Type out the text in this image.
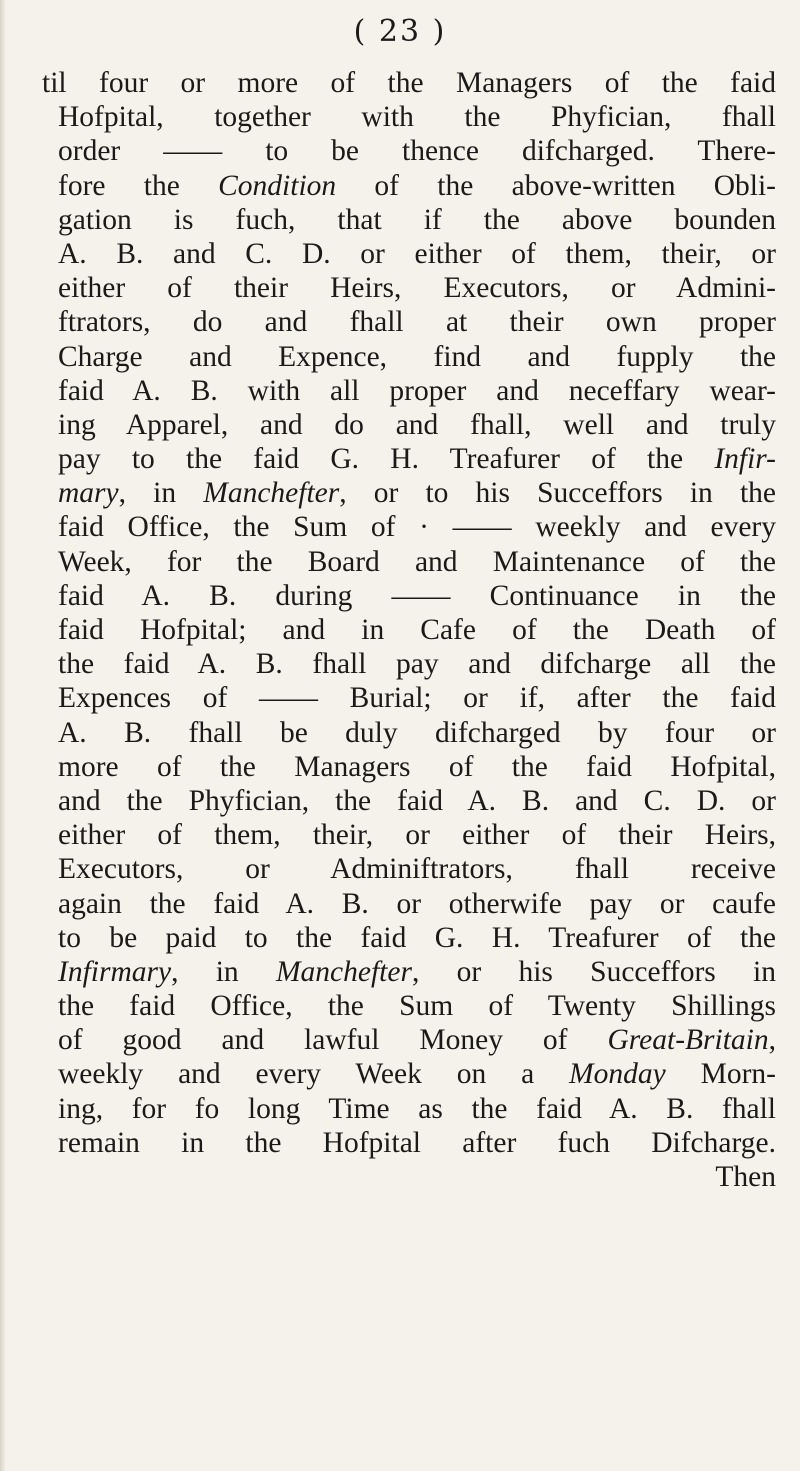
( 23 )
til four or more of the Managers of the faid
Hofpital, together with the Phyfician, fhall
order —— to be thence difcharged. There-
fore the Condition of the above-written Obli-
gation is fuch, that if the above bounden
A. B. and C. D. or either of them, their, or
either of their Heirs, Executors, or Admini-
ftrators, do and fhall at their own proper
Charge and Expence, find and fupply the
faid A. B. with all proper and neceffary wear-
ing Apparel, and do and fhall, well and truly
pay to the faid G. H. Treafurer of the Infir-
mary, in Manchefter, or to his Succeffors in the
faid Office, the Sum of · —— weekly and every
Week, for the Board and Maintenance of the
faid A. B. during —— Continuance in the
faid Hofpital; and in Cafe of the Death of
the faid A. B. fhall pay and difcharge all the
Expences of —— Burial; or if, after the faid
A. B. fhall be duly difcharged by four or
more of the Managers of the faid Hofpital,
and the Phyfician, the faid A. B. and C. D. or
either of them, their, or either of their Heirs,
Executors, or Adminiftrators, fhall receive
again the faid A. B. or otherwife pay or caufe
to be paid to the faid G. H. Treafurer of the
Infirmary, in Manchefter, or his Succeffors in
the faid Office, the Sum of Twenty Shillings
of good and lawful Money of Great-Britain,
weekly and every Week on a Monday Morn-
ing, for fo long Time as the faid A. B. fhall
remain in the Hofpital after fuch Difcharge.
Then
